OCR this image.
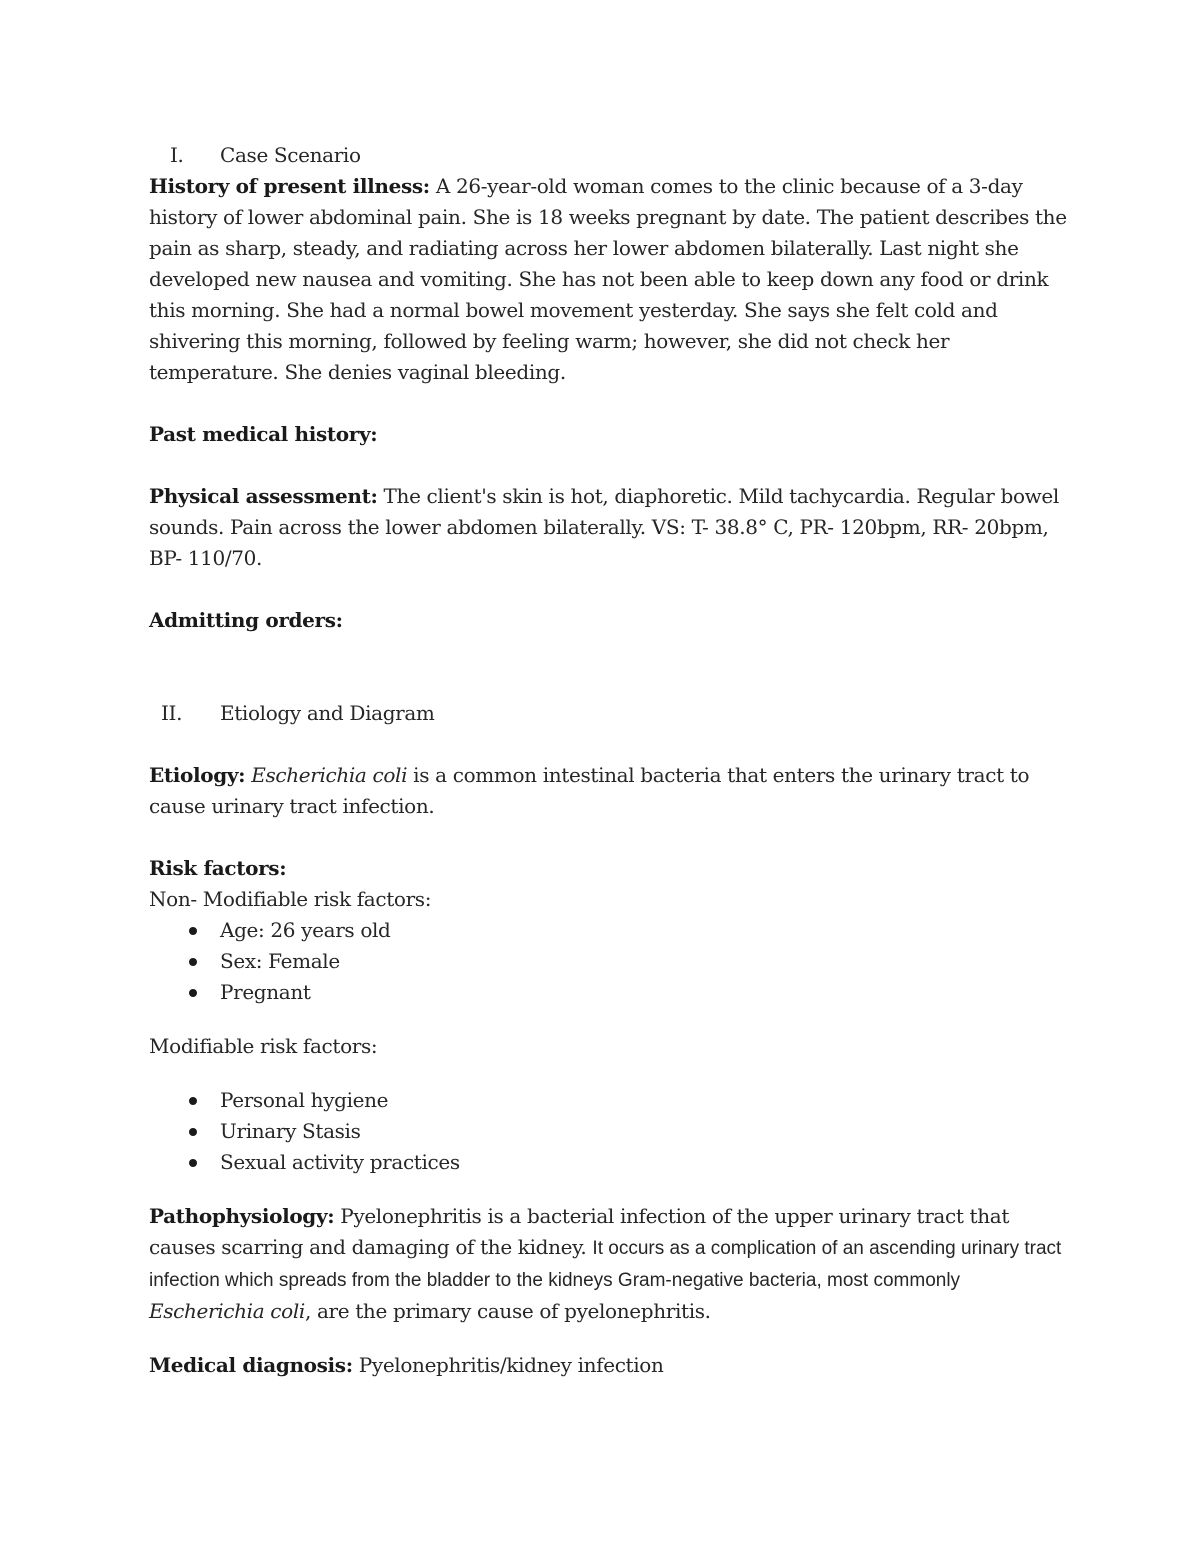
I. Case Scenario

History of present illness: A 26-year-old woman comes to the clinic because of a 3-day history of lower abdominal pain. She is 18 weeks pregnant by date. The patient describes the pain as sharp, steady, and radiating across her lower abdomen bilaterally. Last night she developed new nausea and vomiting. She has not been able to keep down any food or drink this morning. She had a normal bowel movement yesterday. She says she felt cold and shivering this morning, followed by feeling warm; however, she did not check her temperature. She denies vaginal bleeding.

Past medical history:

Physical assessment: The client's skin is hot, diaphoretic. Mild tachycardia. Regular bowel sounds. Pain across the lower abdomen bilaterally. VS: T- 38.8° C, PR- 120bpm, RR- 20bpm, BP- 110/70.

Admitting orders:

II. Etiology and Diagram

Etiology: Escherichia coli is a common intestinal bacteria that enters the urinary tract to cause urinary tract infection.

Risk factors:

Non- Modifiable risk factors:

Age: 26 years old
Sex: Female
Pregnant

Modifiable risk factors:

Personal hygiene
Urinary Stasis
Sexual activity practices

Pathophysiology: Pyelonephritis is a bacterial infection of the upper urinary tract that causes scarring and damaging of the kidney. It occurs as a complication of an ascending urinary tract infection which spreads from the bladder to the kidneys Gram-negative bacteria, most commonly Escherichia coli, are the primary cause of pyelonephritis.

Medical diagnosis: Pyelonephritis/kidney infection
